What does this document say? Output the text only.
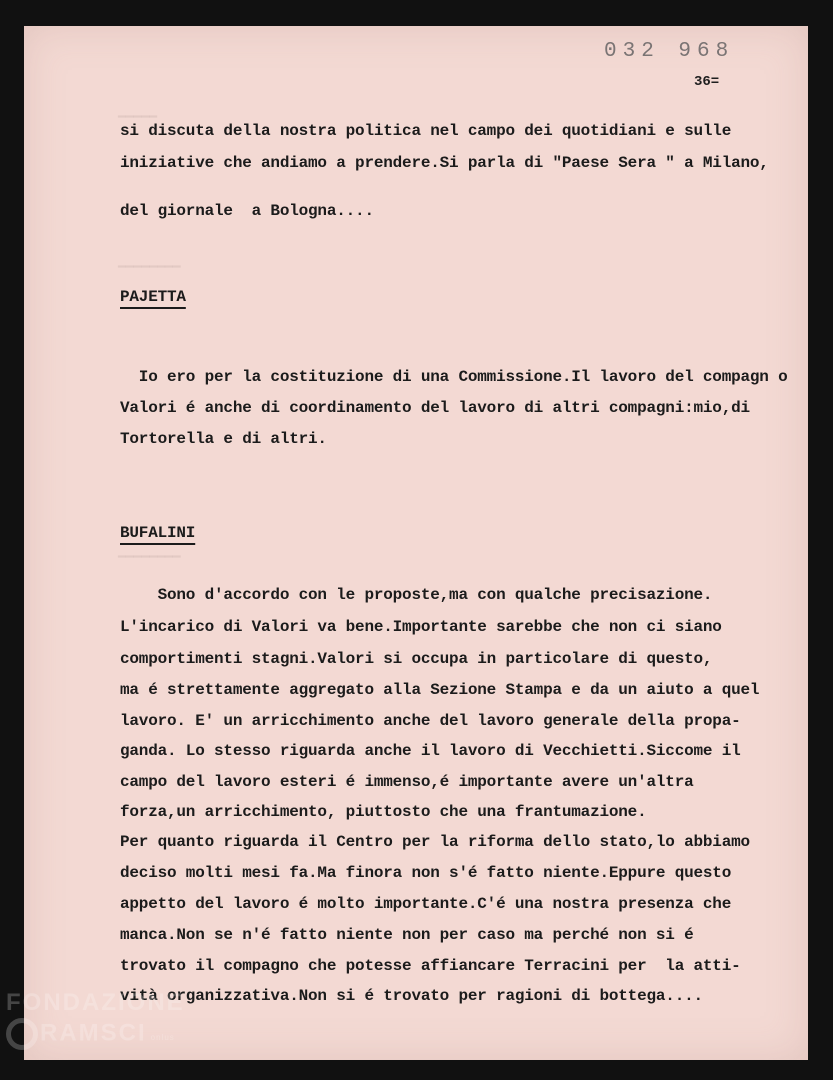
━━━━━
━━━━━━━━
━━━━━━━━
032 968
36=
si discuta della nostra politica nel campo dei quotidiani e sulle
iniziative che andiamo a prendere.Si parla di "Paese Sera " a Milano,
del giornale  a Bologna....
PAJETTA
Io ero per la costituzione di una Commissione.Il lavoro del compagn o
Valori é anche di coordinamento del lavoro di altri compagni:mio,di
Tortorella e di altri.
BUFALINI
Sono d'accordo con le proposte,ma con qualche precisazione.
L'incarico di Valori va bene.Importante sarebbe che non ci siano
comportimenti stagni.Valori si occupa in particolare di questo,
ma é strettamente aggregato alla Sezione Stampa e da un aiuto a quel
lavoro. E' un arricchimento anche del lavoro generale della propa-
ganda. Lo stesso riguarda anche il lavoro di Vecchietti.Siccome il
campo del lavoro esteri é immenso,é importante avere un'altra
forza,un arricchimento, piuttosto che una frantumazione.
Per quanto riguarda il Centro per la riforma dello stato,lo abbiamo
deciso molti mesi fa.Ma finora non s'é fatto niente.Eppure questo
appetto del lavoro é molto importante.C'é una nostra presenza che
manca.Non se n'é fatto niente non per caso ma perché non si é
trovato il compagno che potesse affiancare Terracini per  la atti-
vità organizzativa.Non si é trovato per ragioni di bottega....
FONDAZIONE
RAMSCI onlus
